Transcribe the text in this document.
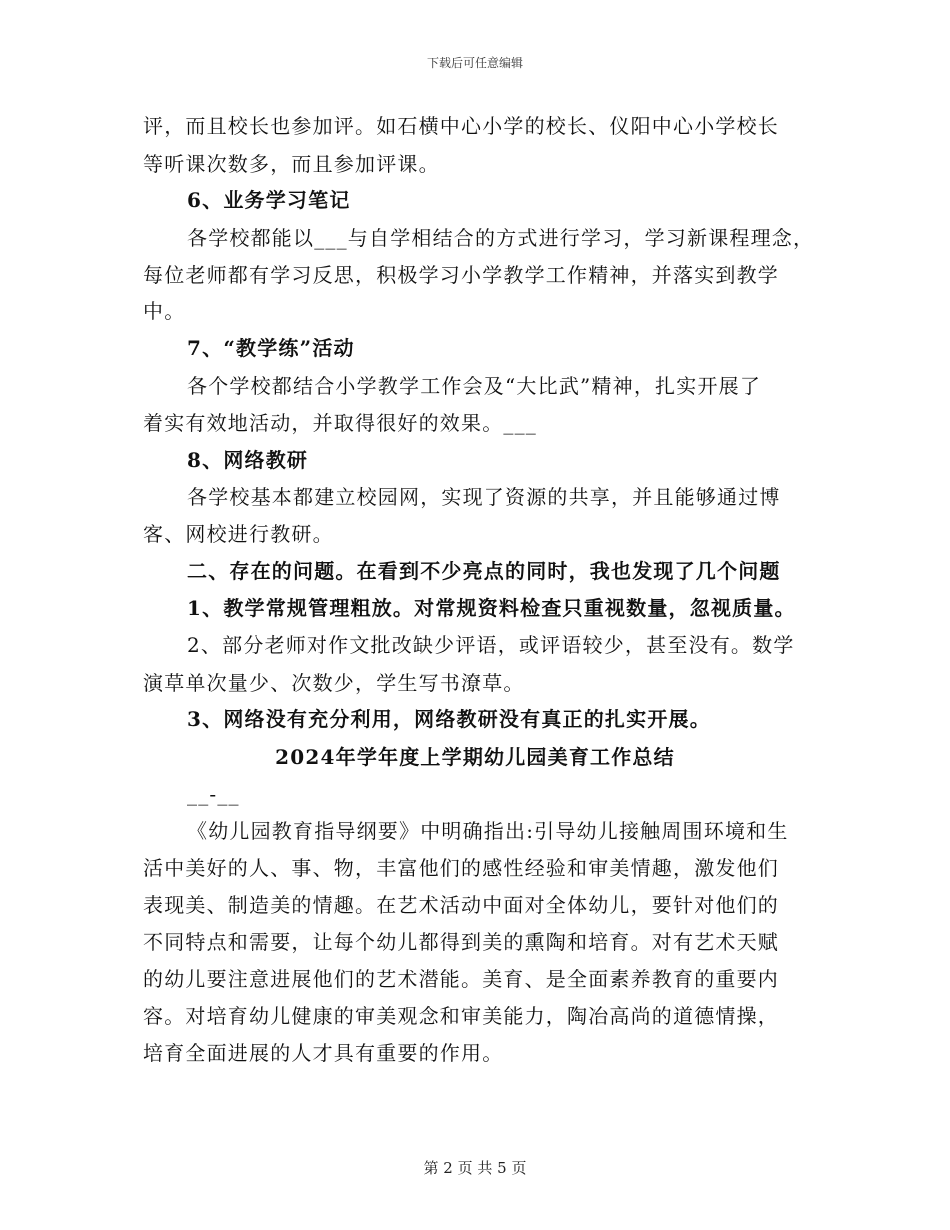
下载后可任意编辑
评，而且校长也参加评。如石横中心小学的校长、仪阳中心小学校长
等听课次数多，而且参加评课。
6、业务学习笔记
各学校都能以___与自学相结合的方式进行学习，学习新课程理念，
每位老师都有学习反思，积极学习小学教学工作精神，并落实到教学
中。
7、“教学练”活动
各个学校都结合小学教学工作会及“大比武”精神，扎实开展了
着实有效地活动，并取得很好的效果。___
8、网络教研
各学校基本都建立校园网，实现了资源的共享，并且能够通过博
客、网校进行教研。
二、存在的问题。在看到不少亮点的同时，我也发现了几个问题
1、教学常规管理粗放。对常规资料检查只重视数量，忽视质量。
2、部分老师对作文批改缺少评语，或评语较少，甚至没有。数学
演草单次量少、次数少，学生写书潦草。
3、网络没有充分利用，网络教研没有真正的扎实开展。
2024年学年度上学期幼儿园美育工作总结
__-__
《幼儿园教育指导纲要》中明确指出:引导幼儿接触周围环境和生
活中美好的人、事、物，丰富他们的感性经验和审美情趣，激发他们
表现美、制造美的情趣。在艺术活动中面对全体幼儿，要针对他们的
不同特点和需要，让每个幼儿都得到美的熏陶和培育。对有艺术天赋
的幼儿要注意进展他们的艺术潜能。美育、是全面素养教育的重要内
容。对培育幼儿健康的审美观念和审美能力，陶冶高尚的道德情操，
培育全面进展的人才具有重要的作用。
第 2 页 共 5 页
